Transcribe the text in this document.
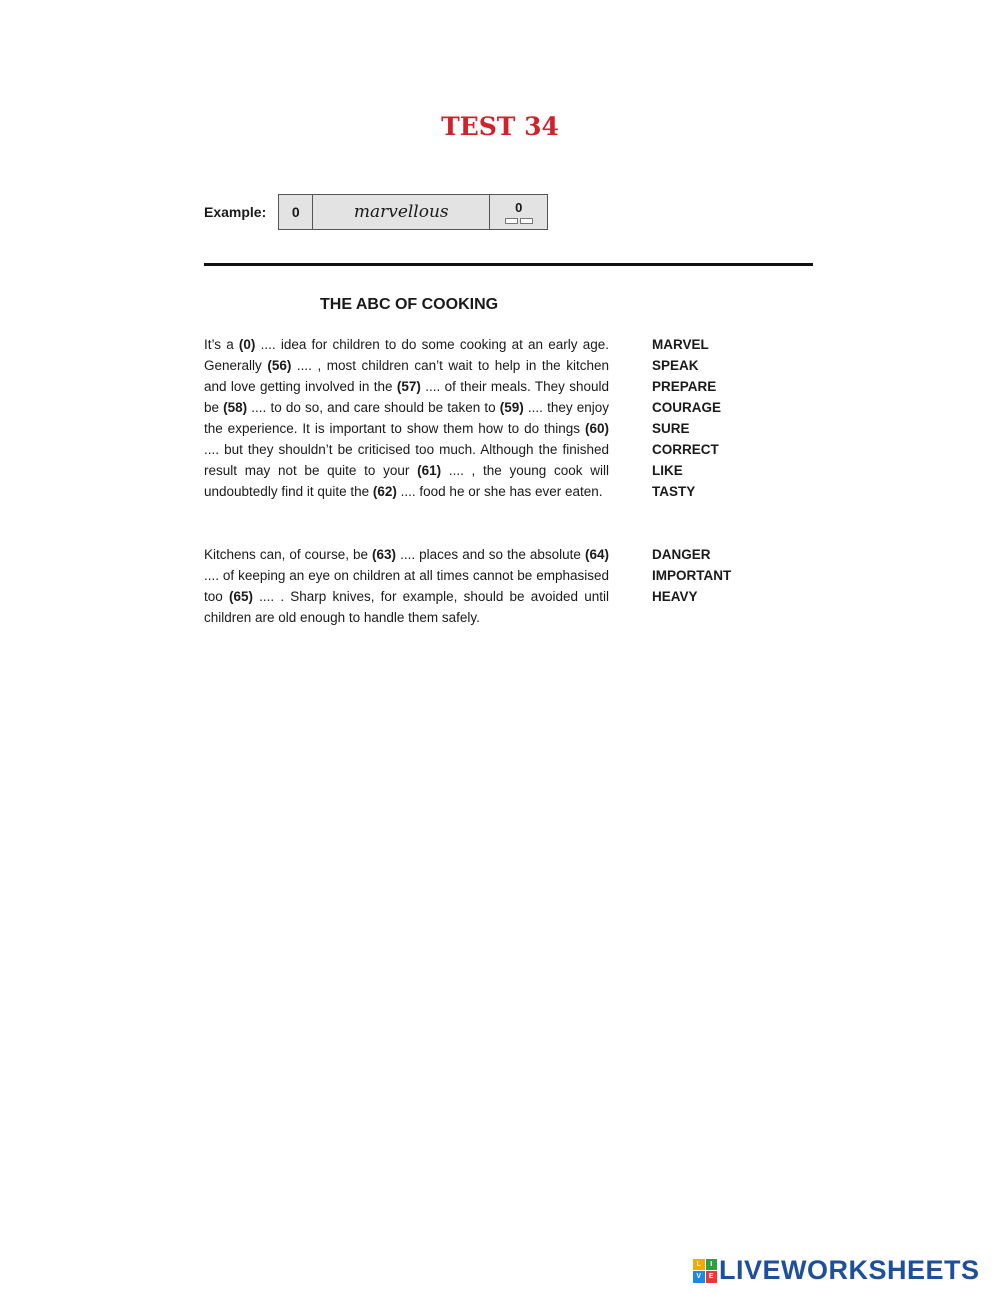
TEST 34
Example:	0	marvellous	0
THE ABC OF COOKING
It’s a (0) .... idea for children to do some cooking at an early age. Generally (56) .... , most children can’t wait to help in the kitchen and love getting involved in the (57) .... of their meals. They should be (58) .... to do so, and care should be taken to (59) .... they enjoy the experience. It is important to show them how to do things (60) .... but they shouldn’t be criticised too much. Although the finished result may not be quite to your (61) .... , the young cook will undoubtedly find it quite the (62) .... food he or she has ever eaten.
Kitchens can, of course, be (63) .... places and so the absolute (64) .... of keeping an eye on children at all times cannot be emphasised too (65) .... . Sharp knives, for example, should be avoided until children are old enough to handle them safely.
MARVEL
SPEAK
PREPARE
COURAGE
SURE
CORRECT
LIKE
TASTY
DANGER
IMPORTANT
HEAVY
L	I
V	E LIVEWORKSHEETS
